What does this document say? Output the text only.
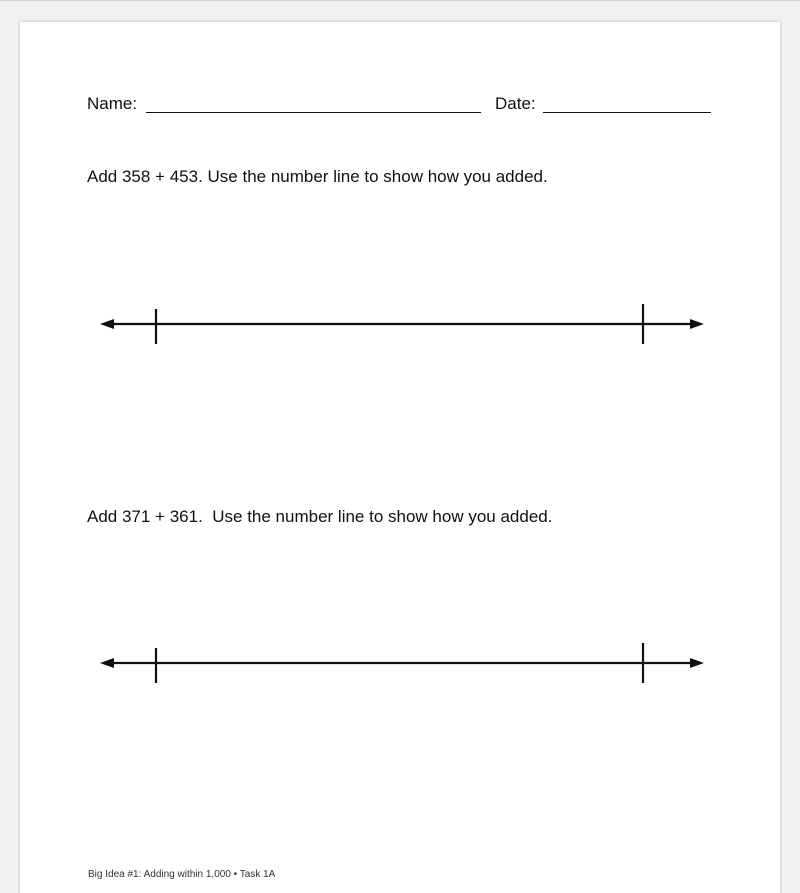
Name:	Date:
Add 358 + 453. Use the number line to show how you added.
Add 371 + 361.  Use the number line to show how you added.
Big Idea #1: Adding within 1,000 • Task 1A
